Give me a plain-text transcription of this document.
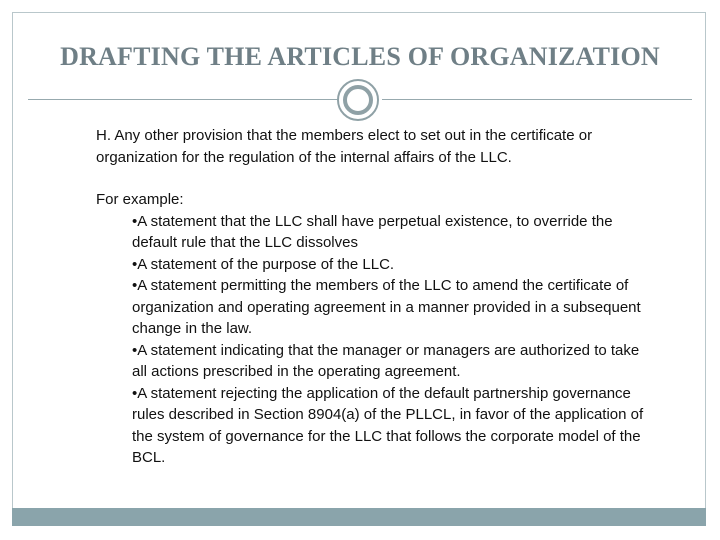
DRAFTING THE ARTICLES OF ORGANIZATION

H. Any other provision that the members elect to set out in the certificate or organization for the regulation of the internal affairs of the LLC.

For example:

•A statement that the LLC shall have perpetual existence, to override the default rule that the LLC dissolves
•A statement of the purpose of the LLC.
•A statement permitting the members of the LLC to amend the certificate of organization and operating agreement in a manner provided in a subsequent change in the law.
•A statement indicating that the manager or managers are authorized to take all actions prescribed in the operating agreement.
•A statement rejecting the application of the default partnership governance rules described in Section 8904(a) of the PLLCL, in favor of the application of the system of governance for the LLC that follows the corporate model of the BCL.
